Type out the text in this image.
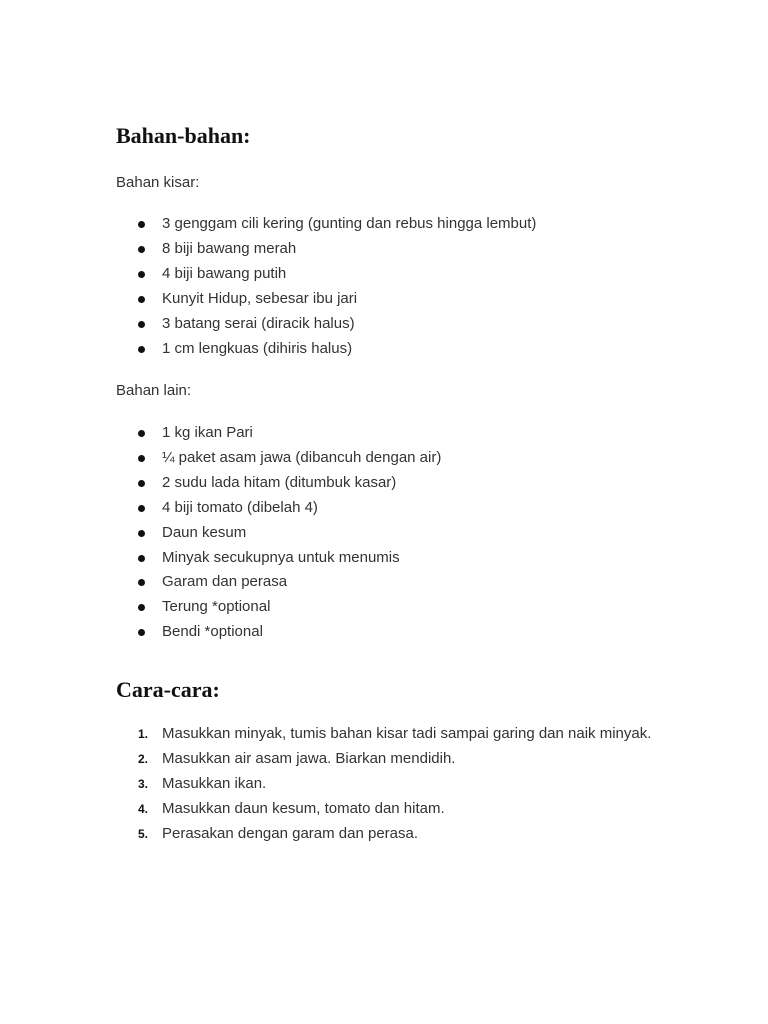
Bahan-bahan:

Bahan kisar:

3 genggam cili kering (gunting dan rebus hingga lembut)
8 biji bawang merah
4 biji bawang putih
Kunyit Hidup, sebesar ibu jari
3 batang serai (diracik halus)
1 cm lengkuas (dihiris halus)

Bahan lain:

1 kg ikan Pari
¼ paket asam jawa (dibancuh dengan air)
2 sudu lada hitam (ditumbuk kasar)
4 biji tomato (dibelah 4)
Daun kesum
Minyak secukupnya untuk menumis
Garam dan perasa
Terung *optional
Bendi *optional
Cara-cara:
1. Masukkan minyak, tumis bahan kisar tadi sampai garing dan naik minyak.
2. Masukkan air asam jawa. Biarkan mendidih.
3. Masukkan ikan.
4. Masukkan daun kesum, tomato dan hitam.
5. Perasakan dengan garam dan perasa.
